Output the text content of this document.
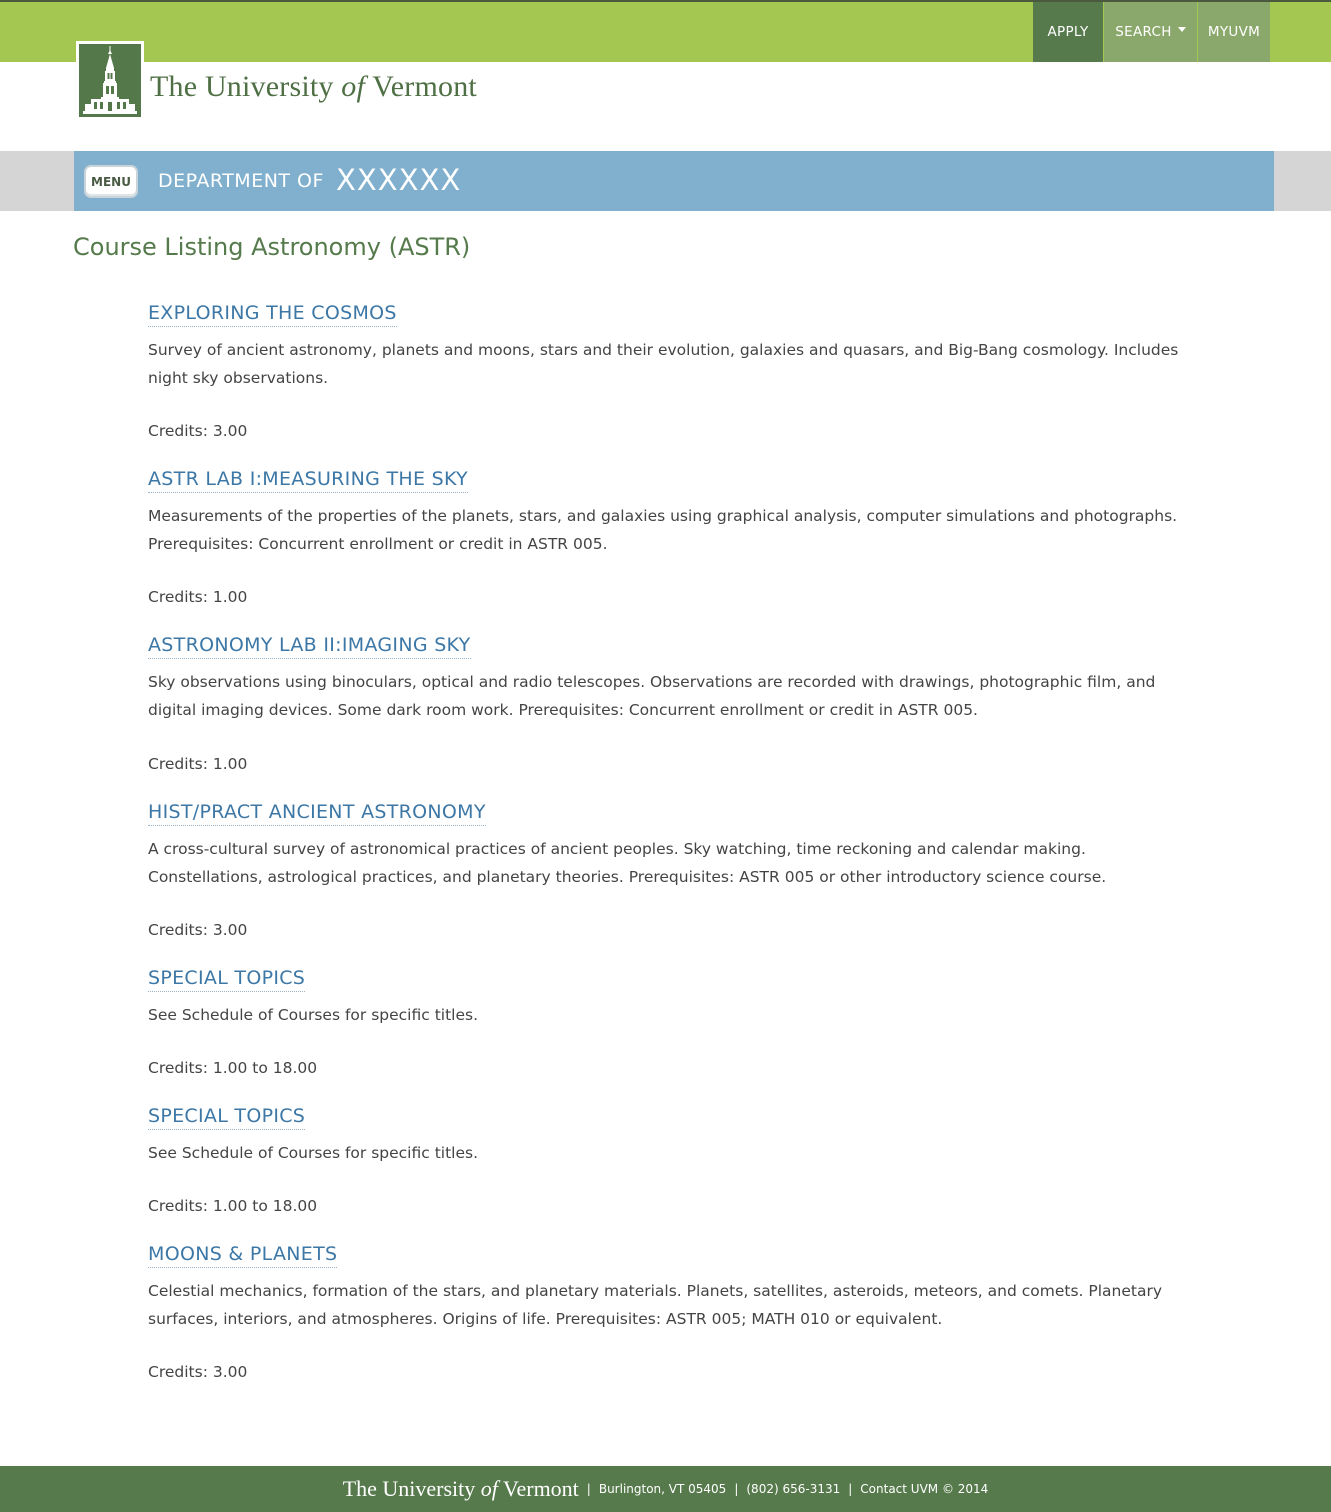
APPLY SEARCH	MYUVM
The University of Vermont
MENU DEPARTMENT OF XXXXXX
Course Listing Astronomy (ASTR)
EXPLORING THE COSMOS

Survey of ancient astronomy, planets and moons, stars and their evolution, galaxies and quasars, and Big-Bang cosmology. Includes night sky observations.

Credits: 3.00
ASTR LAB I:MEASURING THE SKY

Measurements of the properties of the planets, stars, and galaxies using graphical analysis, computer simulations and photographs. Prerequisites: Concurrent enrollment or credit in ASTR 005.

Credits: 1.00
ASTRONOMY LAB II:IMAGING SKY

Sky observations using binoculars, optical and radio telescopes. Observations are recorded with drawings, photographic film, and digital imaging devices. Some dark room work. Prerequisites: Concurrent enrollment or credit in ASTR 005.

Credits: 1.00
HIST/PRACT ANCIENT ASTRONOMY

A cross-cultural survey of astronomical practices of ancient peoples. Sky watching, time reckoning and calendar making. Constellations, astrological practices, and planetary theories. Prerequisites: ASTR 005 or other introductory science course.

Credits: 3.00
SPECIAL TOPICS

See Schedule of Courses for specific titles.

Credits: 1.00 to 18.00
SPECIAL TOPICS

See Schedule of Courses for specific titles.

Credits: 1.00 to 18.00
MOONS & PLANETS

Celestial mechanics, formation of the stars, and planetary materials. Planets, satellites, asteroids, meteors, and comets. Planetary surfaces, interiors, and atmospheres. Origins of life. Prerequisites: ASTR 005; MATH 010 or equivalent.

Credits: 3.00
The University of Vermont | Burlington, VT 05405 | (802) 656-3131 | Contact UVM © 2014
